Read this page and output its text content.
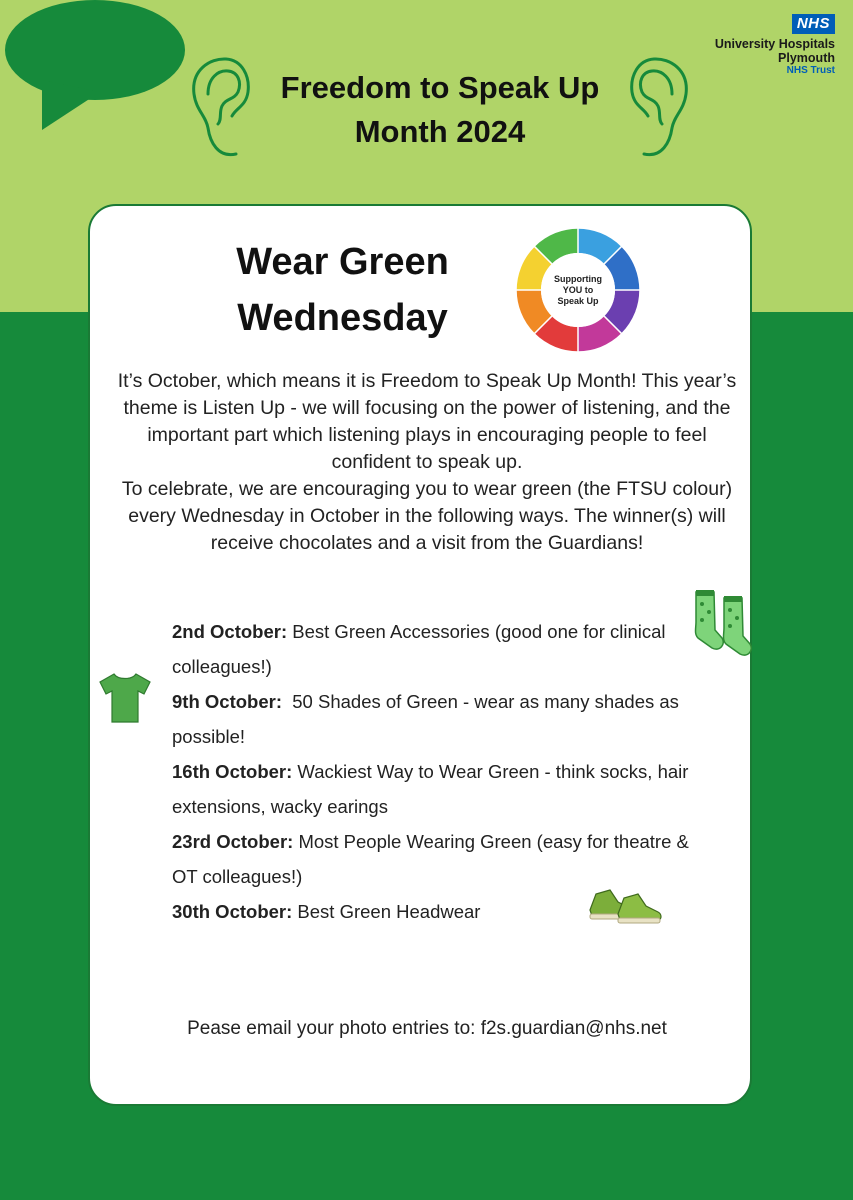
Freedom to Speak Up
Month 2024
NHS
University Hospitals
Plymouth
NHS Trust
Wear Green
Wednesday
Supporting
YOU to
Speak Up

It’s October, which means it is Freedom to Speak Up Month! This year’s theme is Listen Up - we will focusing on the power of listening, and the important part which listening plays in encouraging people to feel confident to speak up.

To celebrate, we are encouraging you to wear green (the FTSU colour) every Wednesday in October in the following ways. The winner(s) will receive chocolates and a visit from the Guardians!

2nd October: Best Green Accessories (good one for clinical colleagues!)
9th October:  50 Shades of Green - wear as many shades as possible!
16th October: Wackiest Way to Wear Green - think socks, hair extensions, wacky earings
23rd October: Most People Wearing Green (easy for theatre & OT colleagues!)
30th October: Best Green Headwear
Pease email your photo entries to: f2s.guardian@nhs.net
